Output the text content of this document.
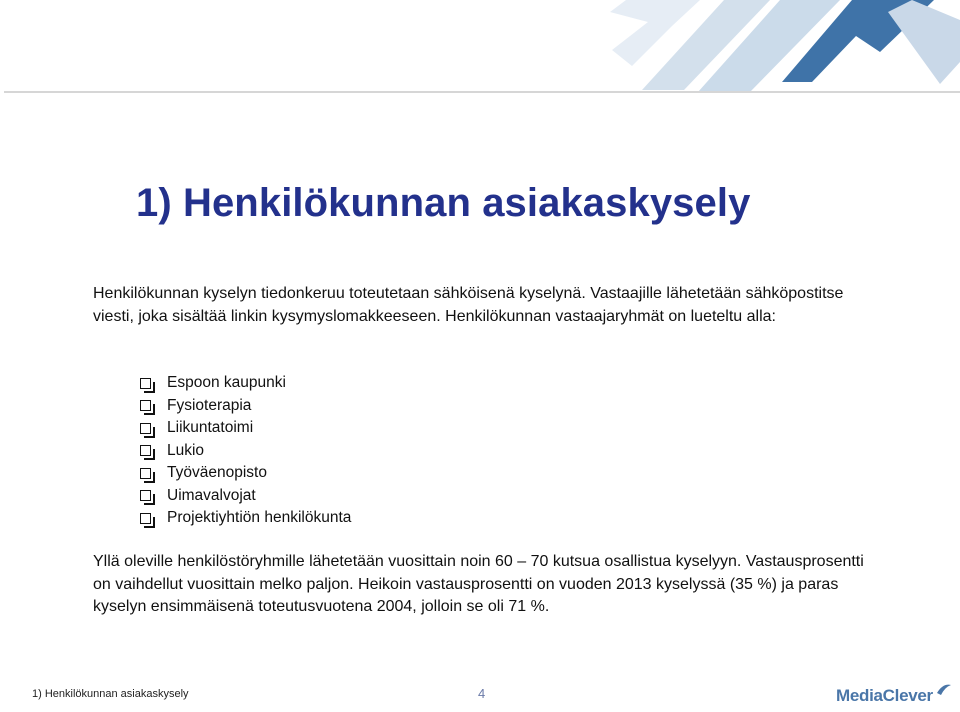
1) Henkilökunnan asiakaskysely
Henkilökunnan kyselyn tiedonkeruu toteutetaan sähköisenä kyselynä. Vastaajille lähetetään sähköpostitse viesti, joka sisältää linkin kysymyslomakkeeseen. Henkilökunnan vastaajaryhmät on lueteltu alla:
Espoon kaupunki
Fysioterapia
Liikuntatoimi
Lukio
Työväenopisto
Uimavalvojat
Projektiyhtiön henkilökunta
Yllä oleville henkilöstöryhmille lähetetään vuosittain noin 60 – 70 kutsua osallistua kyselyyn. Vastausprosentti on vaihdellut vuosittain melko paljon. Heikoin vastausprosentti on vuoden 2013 kyselyssä (35 %) ja paras kyselyn ensimmäisenä toteutusvuotena 2004, jolloin se oli 71 %.
1) Henkilökunnan asiakaskysely	4	MediaClever
